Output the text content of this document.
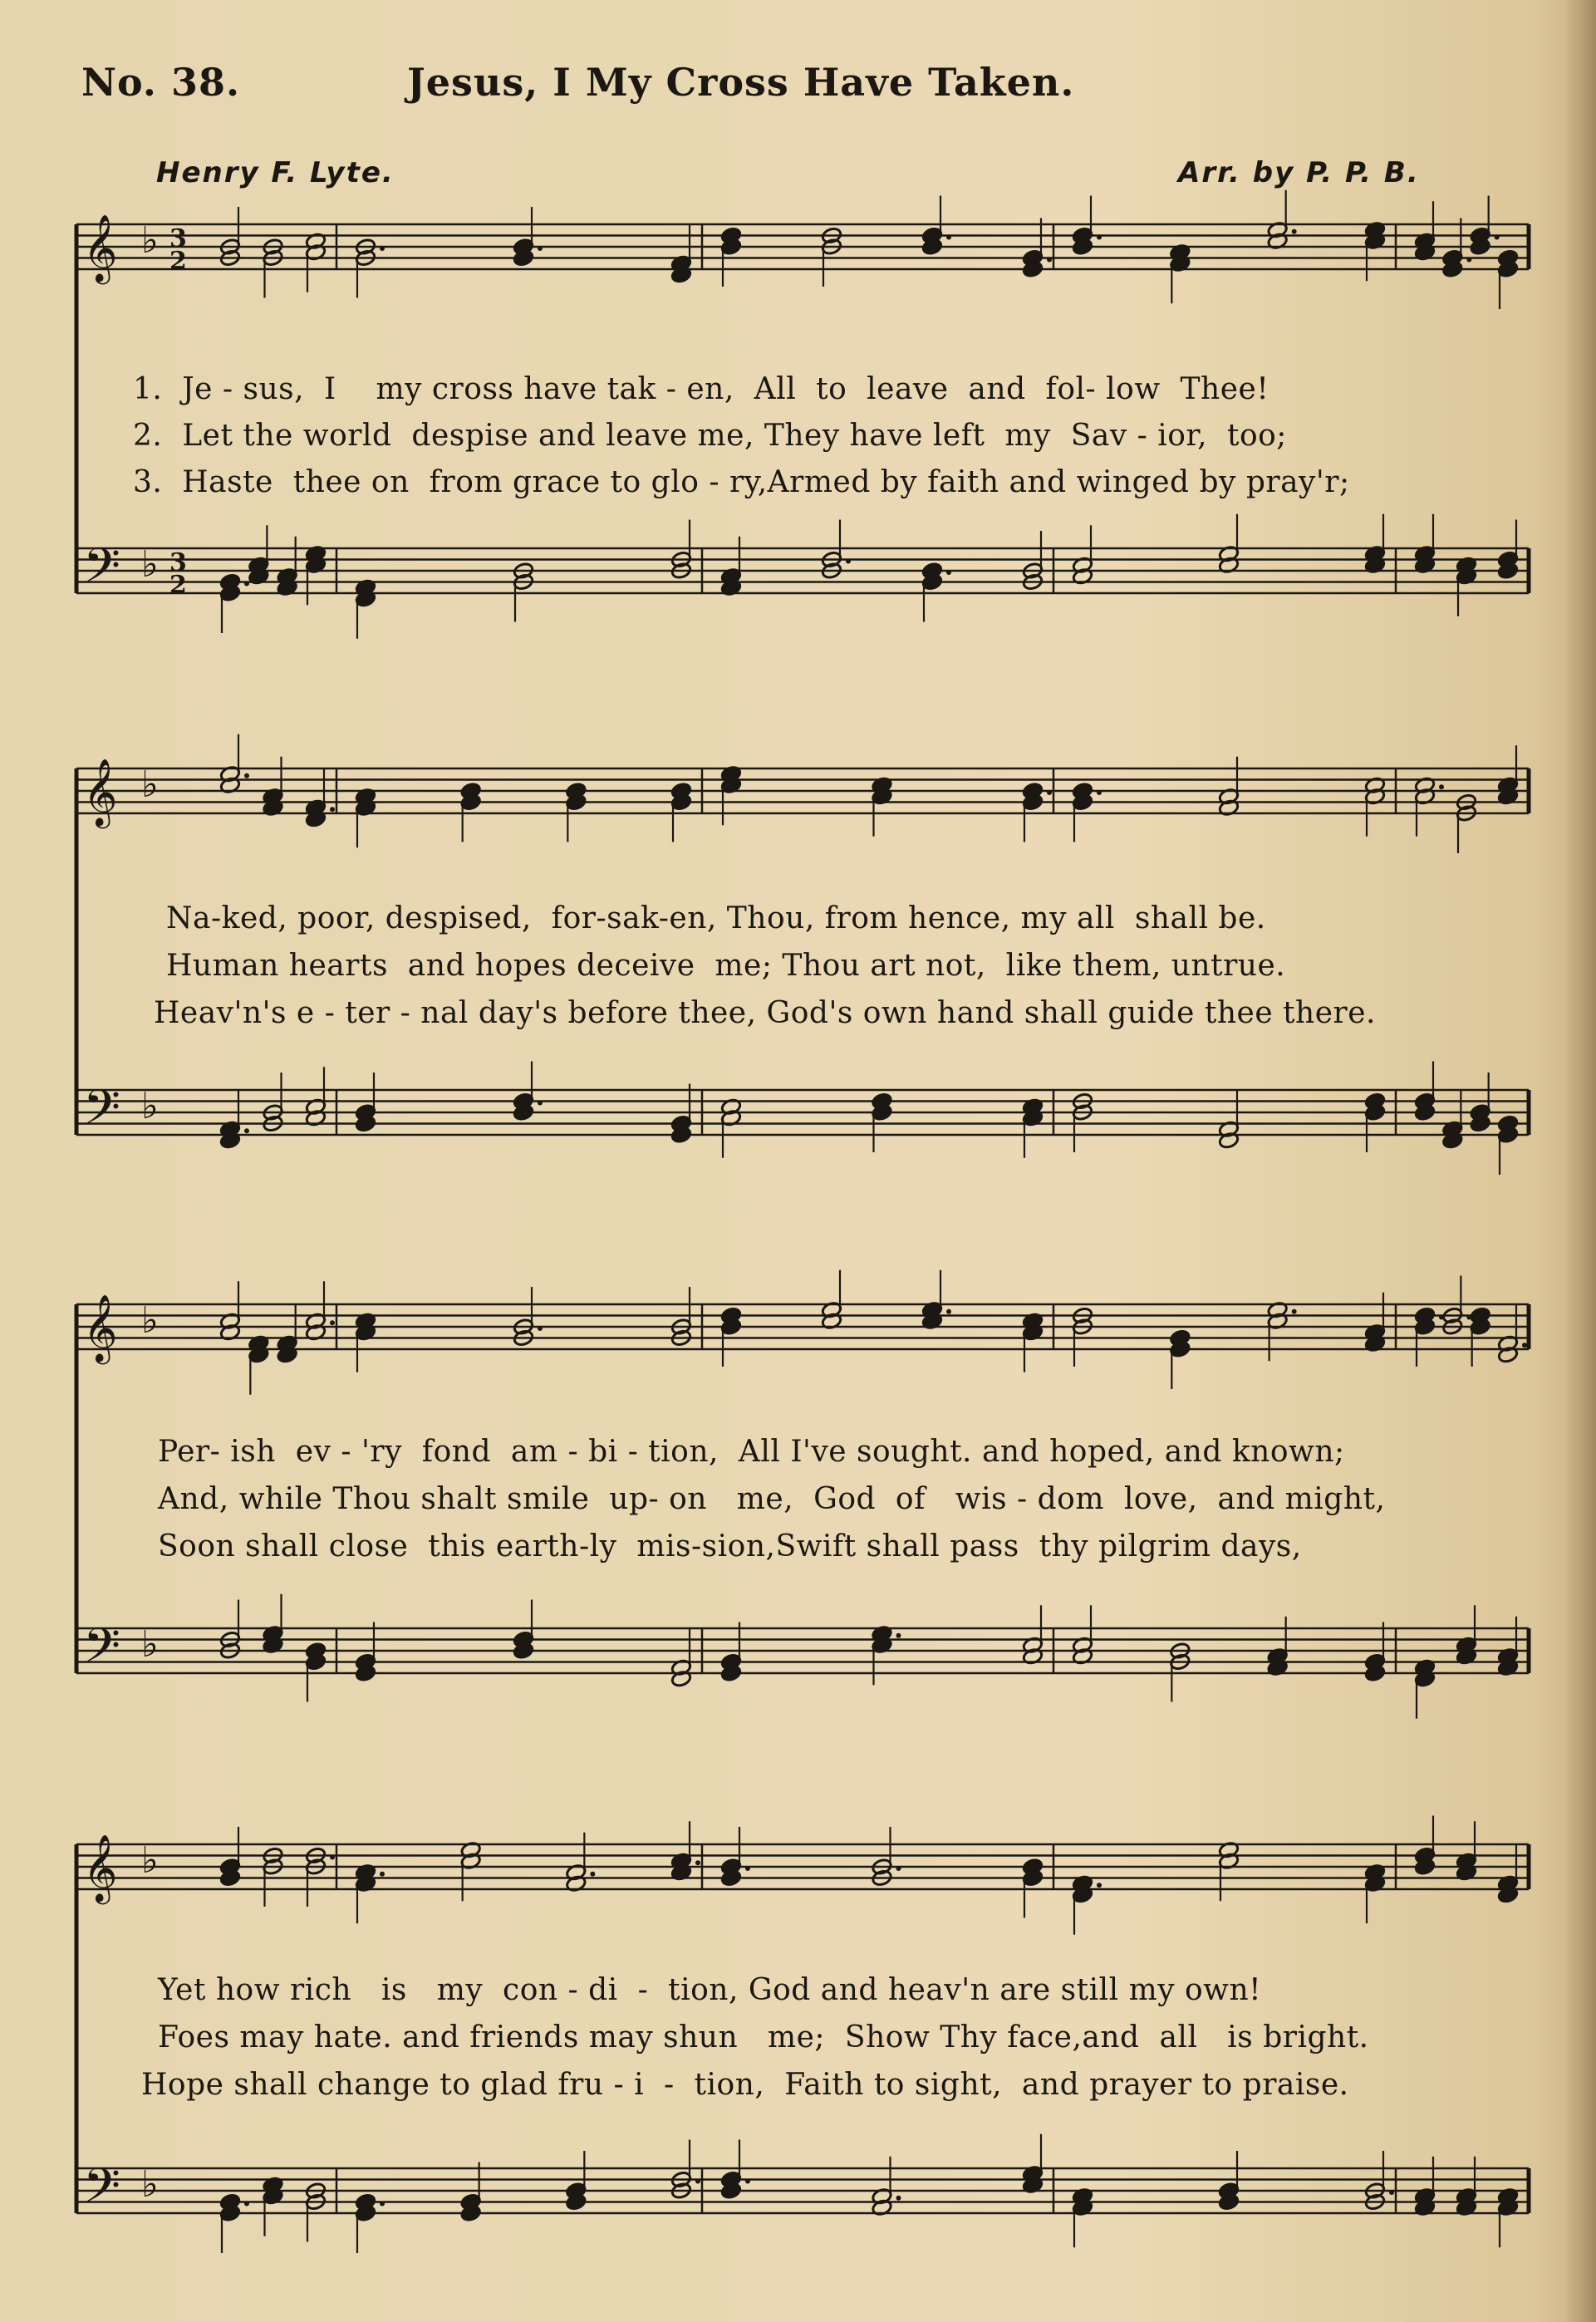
No. 38.	Jesus, I My Cross Have Taken.
Henry F. Lyte.	Arr. by P. P. B.
𝄞 ♭ 3
2
𝄢 ♭ 3
2
𝄞 ♭
𝄢 ♭
𝄞 ♭
𝄢 ♭
𝄞 ♭
𝄢 ♭
1.  Je - sus,  I    my cross have tak - en,  All  to  leave  and  fol- low  Thee!
2.  Let the world  despise and leave me, They have left  my  Sav - ior,  too;
3.  Haste  thee on  from grace to glo - ry,Armed by faith and winged by pray'r;
Na-ked, poor, despised,  for-sak-en, Thou, from hence, my all  shall be.
Human hearts  and hopes deceive  me; Thou art not,  like them, untrue.
Heav'n's e - ter - nal day's before thee, God's own hand shall guide thee there.
Per- ish  ev - 'ry  fond  am - bi - tion,  All I've sought. and hoped, and known;
And, while Thou shalt smile  up- on   me,  God  of   wis - dom  love,  and might,
Soon shall close  this earth-ly  mis-sion,Swift shall pass  thy pilgrim days,
Yet how rich   is   my  con - di  -  tion, God and heav'n are still my own!
Foes may hate. and friends may shun   me;  Show Thy face,and  all   is bright.
Hope shall change to glad fru - i  -  tion,  Faith to sight,  and prayer to praise.
